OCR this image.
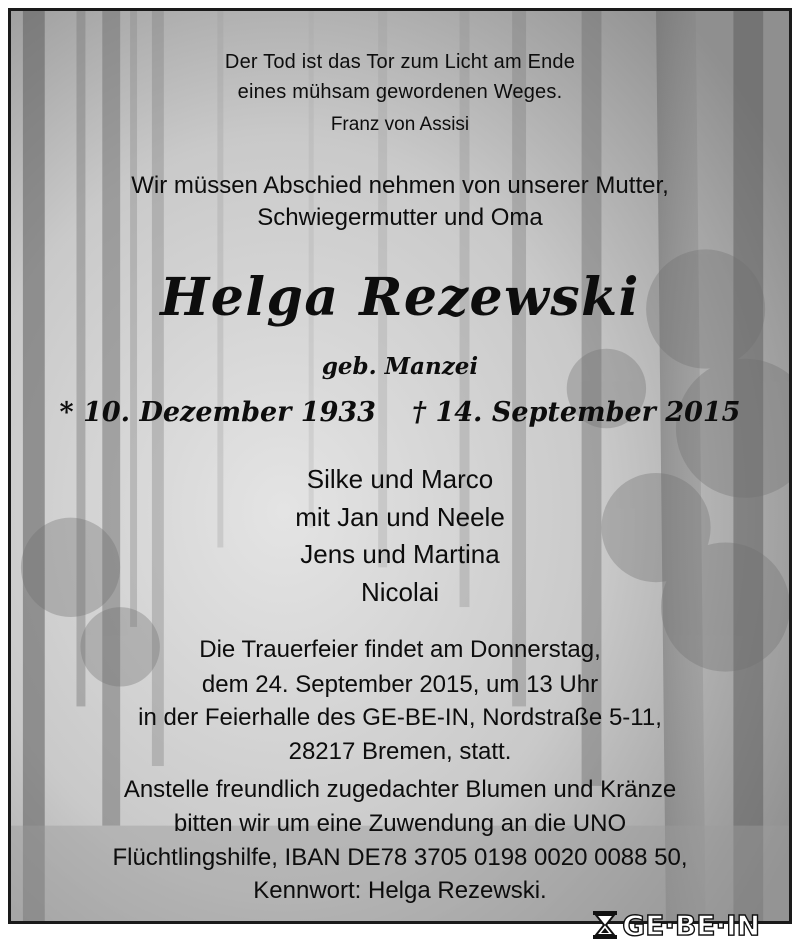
Der Tod ist das Tor zum Licht am Ende
eines mühsam gewordenen Weges.
Franz von Assisi
Wir müssen Abschied nehmen von unserer Mutter,
Schwiegermutter und Oma
Helga Rezewski
geb. Manzei
* 10. Dezember 1933 † 14. September 2015
Silke und Marco
mit Jan und Neele
Jens und Martina
Nicolai
Die Trauerfeier findet am Donnerstag,
dem 24. September 2015, um 13 Uhr
in der Feierhalle des GE-BE-IN, Nordstraße 5-11,
28217 Bremen, statt.
Anstelle freundlich zugedachter Blumen und Kränze
bitten wir um eine Zuwendung an die UNO
Flüchtlingshilfe, IBAN DE78 3705 0198 0020 0088 50,
Kennwort: Helga Rezewski.
GE·BE·IN
